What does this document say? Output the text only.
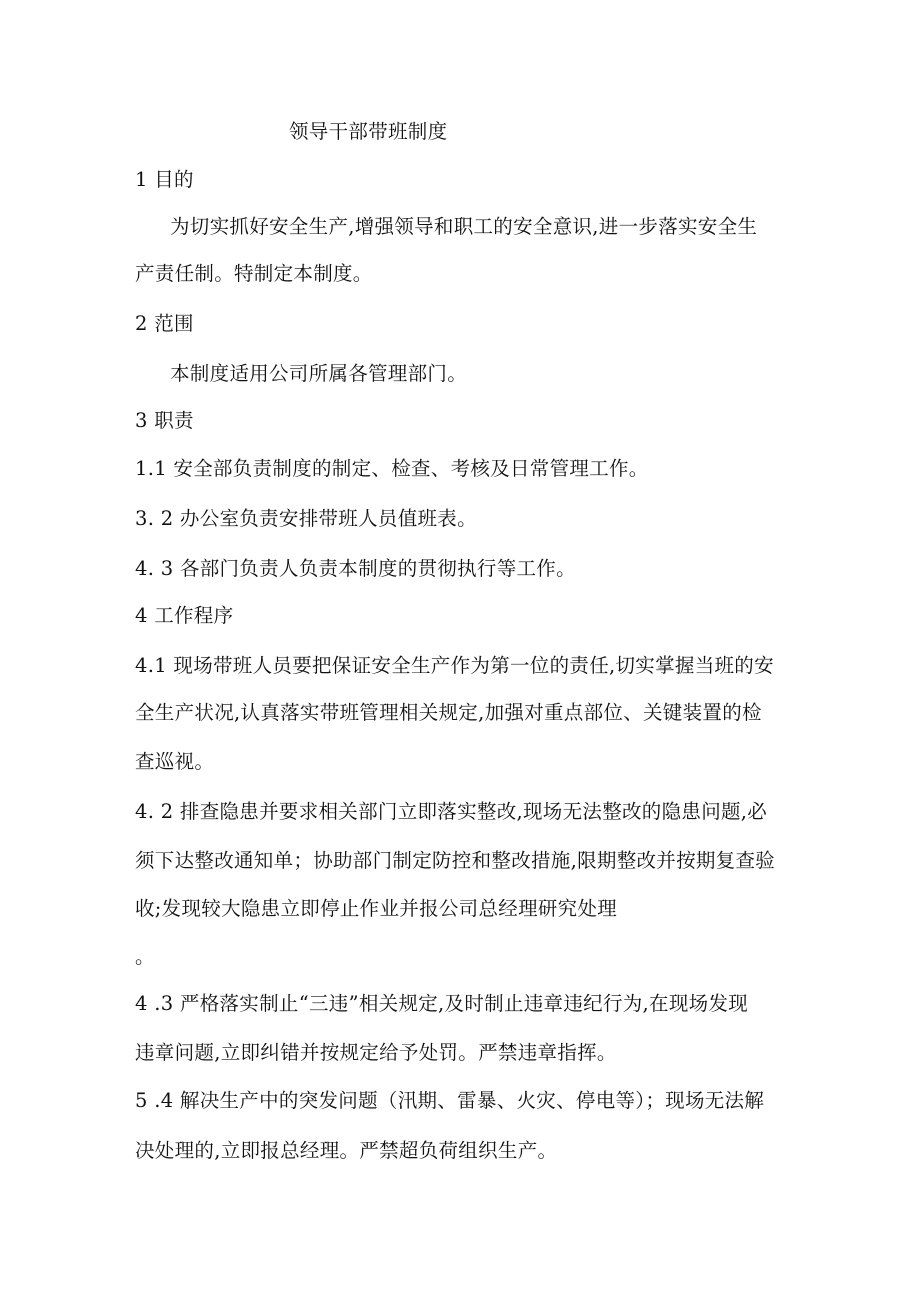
领导干部带班制度
1 目的
为切实抓好安全生产,增强领导和职工的安全意识,进一步落实安全生
产责任制。特制定本制度。
2 范围
本制度适用公司所属各管理部门。
3 职责
1.1 安全部负责制度的制定、检查、考核及日常管理工作。
3. 2 办公室负责安排带班人员值班表。
4. 3 各部门负责人负责本制度的贯彻执行等工作。
4 工作程序
4.1 现场带班人员要把保证安全生产作为第一位的责任,切实掌握当班的安
全生产状况,认真落实带班管理相关规定,加强对重点部位、关键装置的检
查巡视。
4. 2 排查隐患并要求相关部门立即落实整改,现场无法整改的隐患问题,必
须下达整改通知单；协助部门制定防控和整改措施,限期整改并按期复查验
收;发现较大隐患立即停止作业并报公司总经理研究处理
。
4 .3 严格落实制止“三违”相关规定,及时制止违章违纪行为,在现场发现
违章问题,立即纠错并按规定给予处罚。严禁违章指挥。
5 .4 解决生产中的突发问题（汛期、雷暴、火灾、停电等）；现场无法解
决处理的,立即报总经理。严禁超负荷组织生产。
